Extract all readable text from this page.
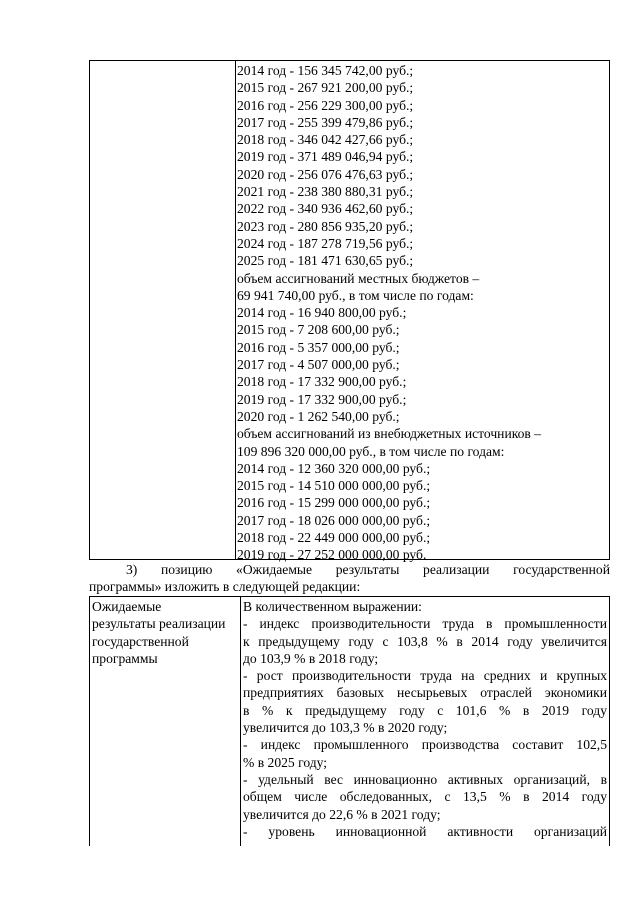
2014 год - 156 345 742,00 руб.;
2015 год - 267 921 200,00 руб.;
2016 год - 256 229 300,00 руб.;
2017 год - 255 399 479,86 руб.;
2018 год - 346 042 427,66 руб.;
2019 год - 371 489 046,94 руб.;
2020 год - 256 076 476,63 руб.;
2021 год - 238 380 880,31 руб.;
2022 год - 340 936 462,60 руб.;
2023 год - 280 856 935,20 руб.;
2024 год - 187 278 719,56 руб.;
2025 год - 181 471 630,65 руб.;
объем ассигнований местных бюджетов –
69 941 740,00 руб., в том числе по годам:
2014 год - 16 940 800,00 руб.;
2015 год - 7 208 600,00 руб.;
2016 год - 5 357 000,00 руб.;
2017 год - 4 507 000,00 руб.;
2018 год - 17 332 900,00 руб.;
2019 год - 17 332 900,00 руб.;
2020 год - 1 262 540,00 руб.;
объем ассигнований из внебюджетных источников –
109 896 320 000,00 руб., в том числе по годам:
2014 год - 12 360 320 000,00 руб.;
2015 год - 14 510 000 000,00 руб.;
2016 год - 15 299 000 000,00 руб.;
2017 год - 18 026 000 000,00 руб.;
2018 год - 22 449 000 000,00 руб.;
2019 год - 27 252 000 000,00 руб.
3) позицию «Ожидаемые результаты реализации государственной
программы» изложить в следующей редакции:
Ожидаемые
результаты реализации
государственной
программы
В количественном выражении:
- индекс производительности труда в промышленности
к предыдущему году с 103,8 % в 2014 году увеличится
до 103,9 % в 2018 году;
- рост производительности труда на средних и крупных
предприятиях базовых несырьевых отраслей экономики
в % к предыдущему году с 101,6 % в 2019 году
увеличится до 103,3 % в 2020 году;
- индекс промышленного производства составит 102,5
% в 2025 году;
- удельный вес инновационно активных организаций, в
общем числе обследованных, с 13,5 % в 2014 году
увеличится до 22,6 % в 2021 году;
- уровень инновационной активности организаций
